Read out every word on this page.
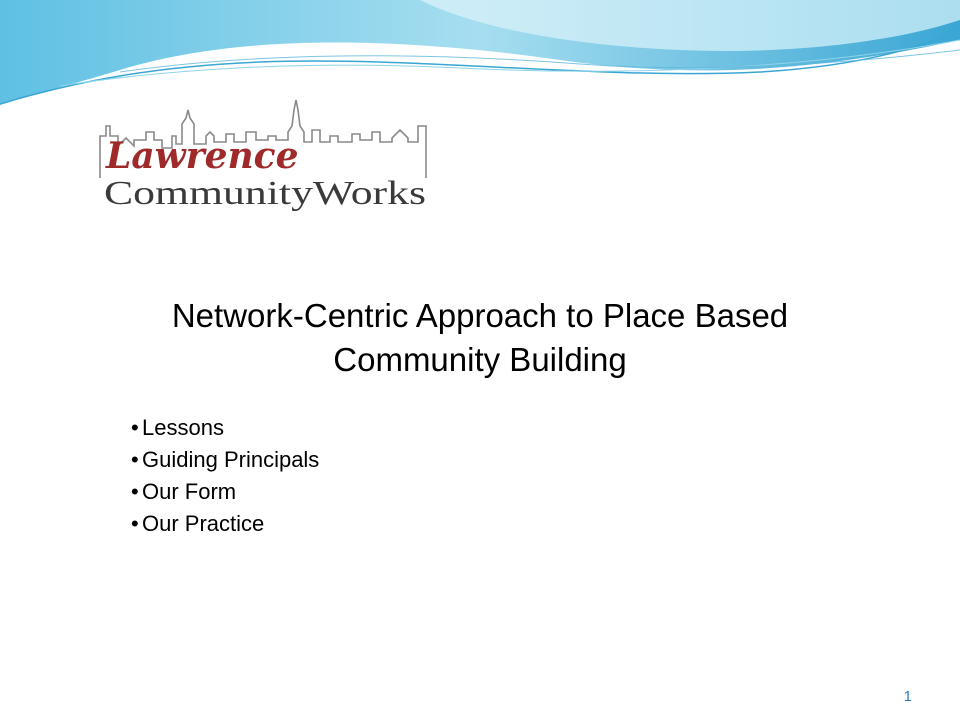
Lawrence
CommunityWorks
Network-Centric Approach to Place Based
Community Building
• Lessons
• Guiding Principals
• Our Form
• Our Practice
1
